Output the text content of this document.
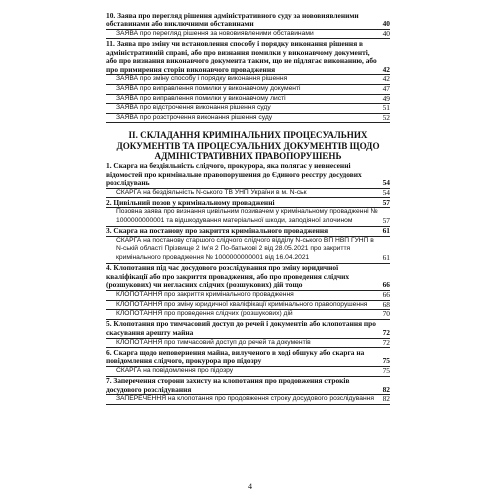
10. Заява про перегляд рішення адміністративного суду за нововиявленими обставинами або виключними обставинами	40
ЗАЯВА про перегляд рішення за нововиявленими обставинами	40
11. Заява про зміну чи встановлення способу і порядку виконання рішення в адміністративній справі, або про визнання помилки у виконавчому документі, або про визнання виконавчого документа таким, що не підлягає виконанню, або про примирення сторін виконавчого провадження	42
ЗАЯВА про зміну способу і порядку виконання рішення	42
ЗАЯВА про виправлення помилки у виконавчому документі	47
ЗАЯВА про виправлення помилки у виконавчому листі	49
ЗАЯВА про відстрочення виконання рішення суду	51
ЗАЯВА про розстрочення виконання рішення суду	52
II. СКЛАДАННЯ КРИМІНАЛЬНИХ ПРОЦЕСУАЛЬНИХ ДОКУМЕНТІВ ТА ПРОЦЕСУАЛЬНИХ ДОКУМЕНТІВ ЩОДО АДМІНІСТРАТИВНИХ ПРАВОПОРУШЕНЬ
1. Скарга на бездіяльність слідчого, прокурора, яка полягає у невнесенні відомостей про кримінальне правопорушення до Єдиного реєстру досудових розслідувань	54
СКАРГА на бездіяльність N-ського ТВ УНП України в м. N-ськ	54
2. Цивільний позов у кримінальному провадженні	57
Позовна заява про визнання цивільним позивачем у кримінальному провадженні № 1000000000001 та відшкодування матеріальної шкоди, заподіяної злочином	57
3. Скарга на постанову про закриття кримінального провадження	61
СКАРГА на постанову старшого слідчого слідчого відділу N-ського ВП НВП ГУНП в N-ській області Прізвище 2 Ім’я 2 По-батькові 2 від 28.05.2021 про закриття кримінального провадження № 1000000000001 від 16.04.2021	61
4. Клопотання під час досудового розслідування про зміну юридичної кваліфікації або про закриття провадження, або про проведення слідчих (розшукових) чи негласних слідчих (розшукових) дій тощо	66
КЛОПОТАННЯ про закриття кримінального провадження	66
КЛОПОТАННЯ про зміну юридичної кваліфікації кримінального правопорушення	68
КЛОПОТАННЯ про проведення слідчих (розшукових) дій	70
5. Клопотання про тимчасовий доступ до речей і документів або клопотання про скасування арешту майна	72
КЛОПОТАННЯ про тимчасовий доступ до речей та документів	72
6. Скарга щодо неповернення майна, вилученого в ході обшуку або скарга на повідомлення слідчого, прокурора про підозру	75
СКАРГА на повідомлення про підозру	75
7. Заперечення сторони захисту на клопотання про продовження строків досудового розслідування	82
ЗАПЕРЕЧЕННЯ на клопотання про продовження строку досудового розслідування	82
4
